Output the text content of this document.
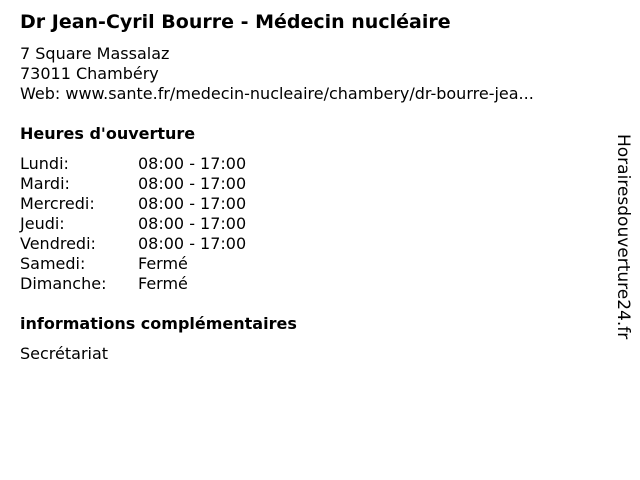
Dr Jean-Cyril Bourre - Médecin nucléaire
7 Square Massalaz
73011 Chambéry
Web: www.sante.fr/medecin-nucleaire/chambery/dr-bourre-jea...
Heures d'ouverture
Lundi:	08:00 - 17:00
Mardi:	08:00 - 17:00
Mercredi:	08:00 - 17:00
Jeudi:	08:00 - 17:00
Vendredi:	08:00 - 17:00
Samedi:	Fermé
Dimanche: Fermé
informations complémentaires
Secrétariat
Horairesdouverture24.fr
